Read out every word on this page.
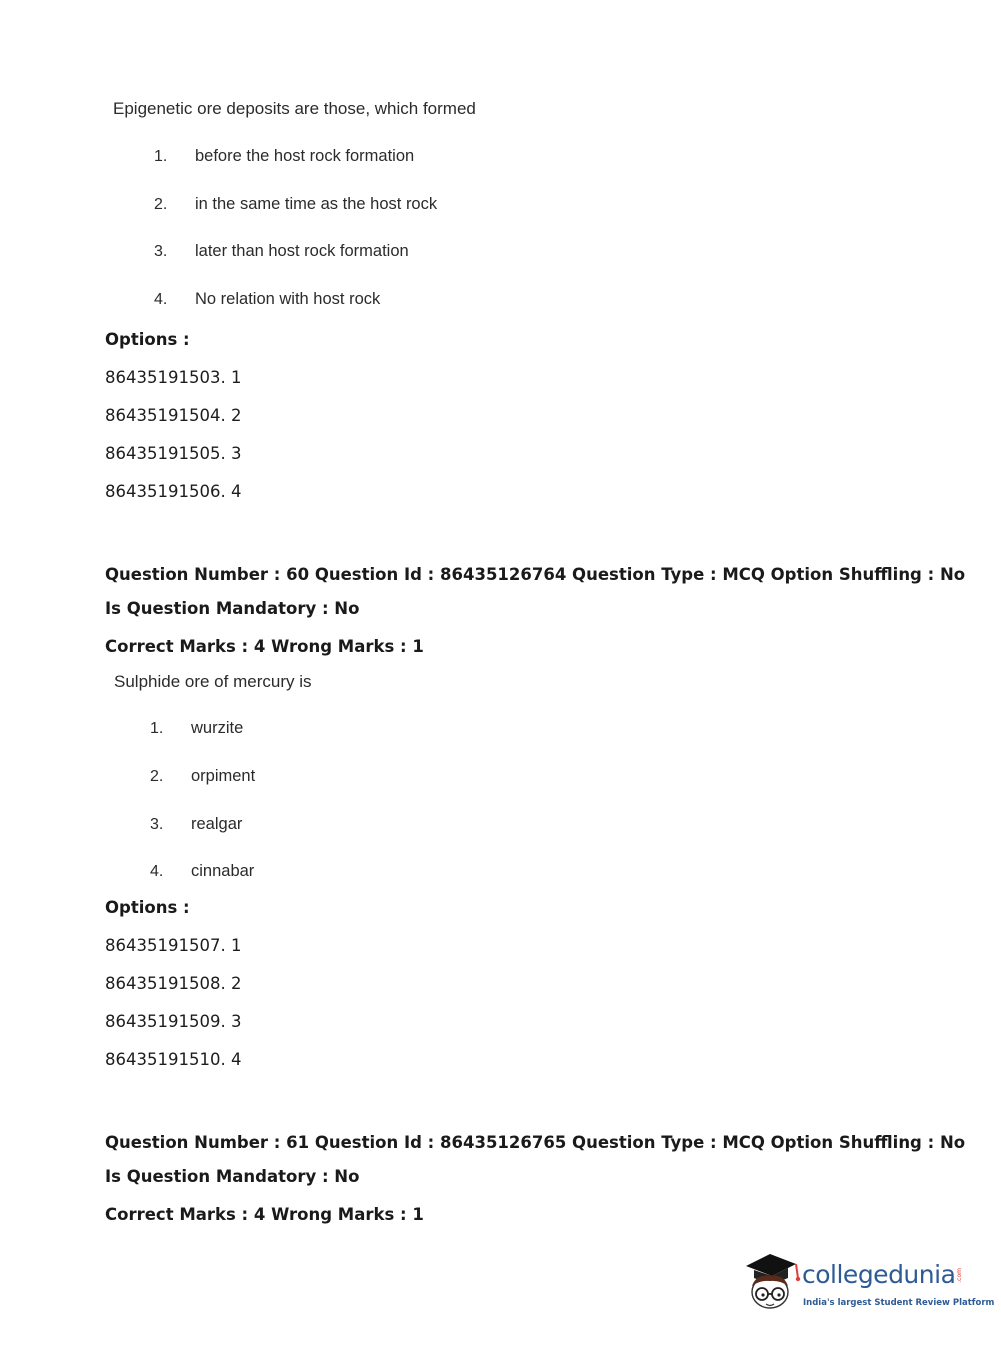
Epigenetic ore deposits are those, which formed
1. before the host rock formation
2. in the same time as the host rock
3. later than host rock formation
4. No relation with host rock
Options :
86435191503. 1
86435191504. 2
86435191505. 3
86435191506. 4
Question Number : 60 Question Id : 86435126764 Question Type : MCQ Option Shuffling : No
Is Question Mandatory : No
Correct Marks : 4 Wrong Marks : 1
Sulphide ore of mercury is
1. wurzite
2. orpiment
3. realgar
4. cinnabar
Options :
86435191507. 1
86435191508. 2
86435191509. 3
86435191510. 4
Question Number : 61 Question Id : 86435126765 Question Type : MCQ Option Shuffling : No
Is Question Mandatory : No
Correct Marks : 4 Wrong Marks : 1
collegedunia .com
India's largest Student Review Platform
